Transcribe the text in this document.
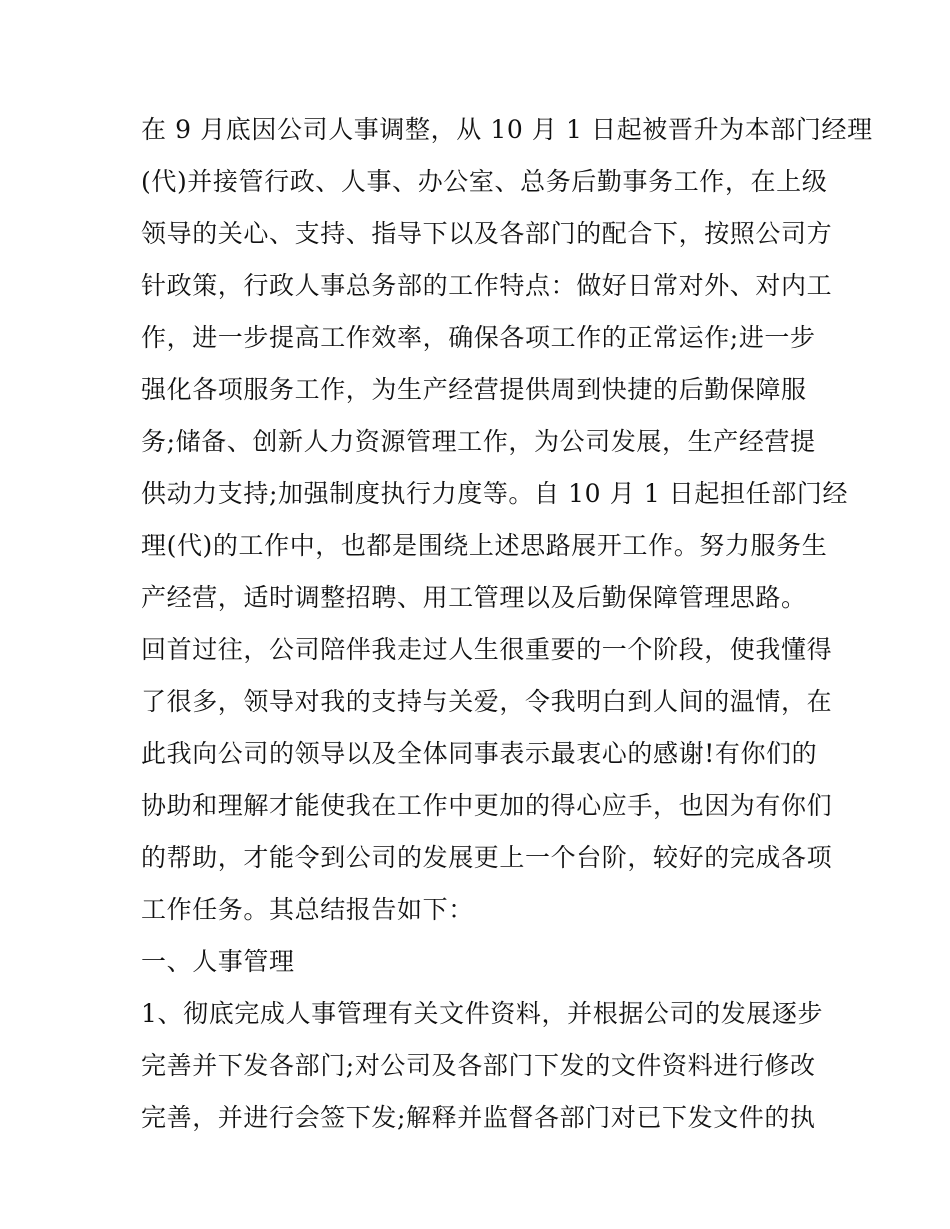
在 9 月底因公司人事调整，从 10 月 1 日起被晋升为本部门经理
(代)并接管行政、人事、办公室、总务后勤事务工作，在上级
领导的关心、支持、指导下以及各部门的配合下，按照公司方
针政策，行政人事总务部的工作特点：做好日常对外、对内工
作，进一步提高工作效率，确保各项工作的正常运作;进一步
强化各项服务工作，为生产经营提供周到快捷的后勤保障服
务;储备、创新人力资源管理工作，为公司发展，生产经营提
供动力支持;加强制度执行力度等。自 10 月 1 日起担任部门经
理(代)的工作中，也都是围绕上述思路展开工作。努力服务生
产经营，适时调整招聘、用工管理以及后勤保障管理思路。
回首过往，公司陪伴我走过人生很重要的一个阶段，使我懂得
了很多，领导对我的支持与关爱，令我明白到人间的温情，在
此我向公司的领导以及全体同事表示最衷心的感谢!有你们的
协助和理解才能使我在工作中更加的得心应手，也因为有你们
的帮助，才能令到公司的发展更上一个台阶，较好的完成各项
工作任务。其总结报告如下：
一、人事管理
1、彻底完成人事管理有关文件资料，并根据公司的发展逐步
完善并下发各部门;对公司及各部门下发的文件资料进行修改
完善，并进行会签下发;解释并监督各部门对已下发文件的执
